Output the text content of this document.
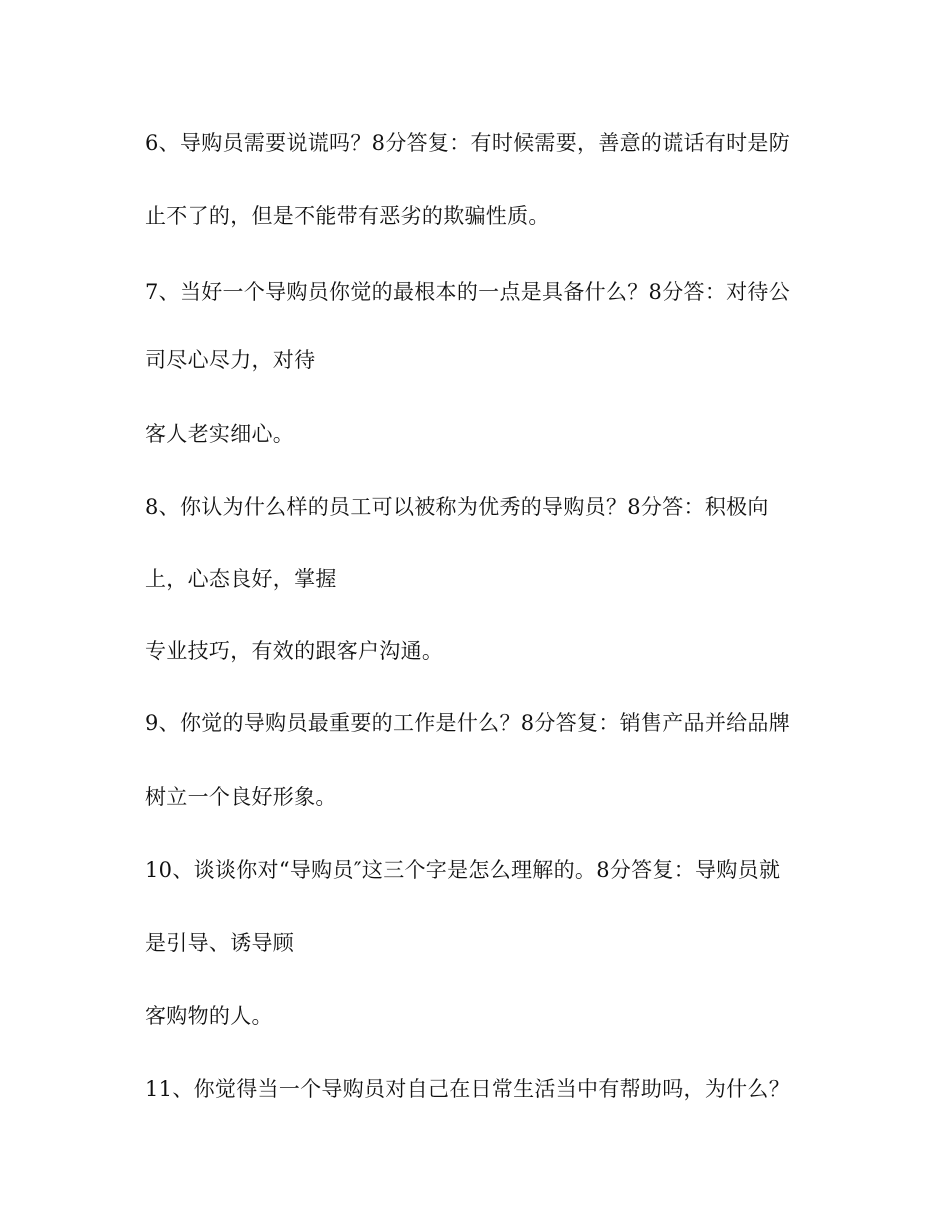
6、导购员需要说谎吗？8分答复：有时候需要，善意的谎话有时是防

止不了的，但是不能带有恶劣的欺骗性质。

7、当好一个导购员你觉的最根本的一点是具备什么？8分答：对待公

司尽心尽力，对待

客人老实细心。

8、你认为什么样的员工可以被称为优秀的导购员？8分答：积极向

上，心态良好，掌握

专业技巧，有效的跟客户沟通。

9、你觉的导购员最重要的工作是什么？8分答复：销售产品并给品牌

树立一个良好形象。

10、谈谈你对“导购员″这三个字是怎么理解的。8分答复：导购员就

是引导、诱导顾

客购物的人。

11、你觉得当一个导购员对自己在日常生活当中有帮助吗，为什么？
